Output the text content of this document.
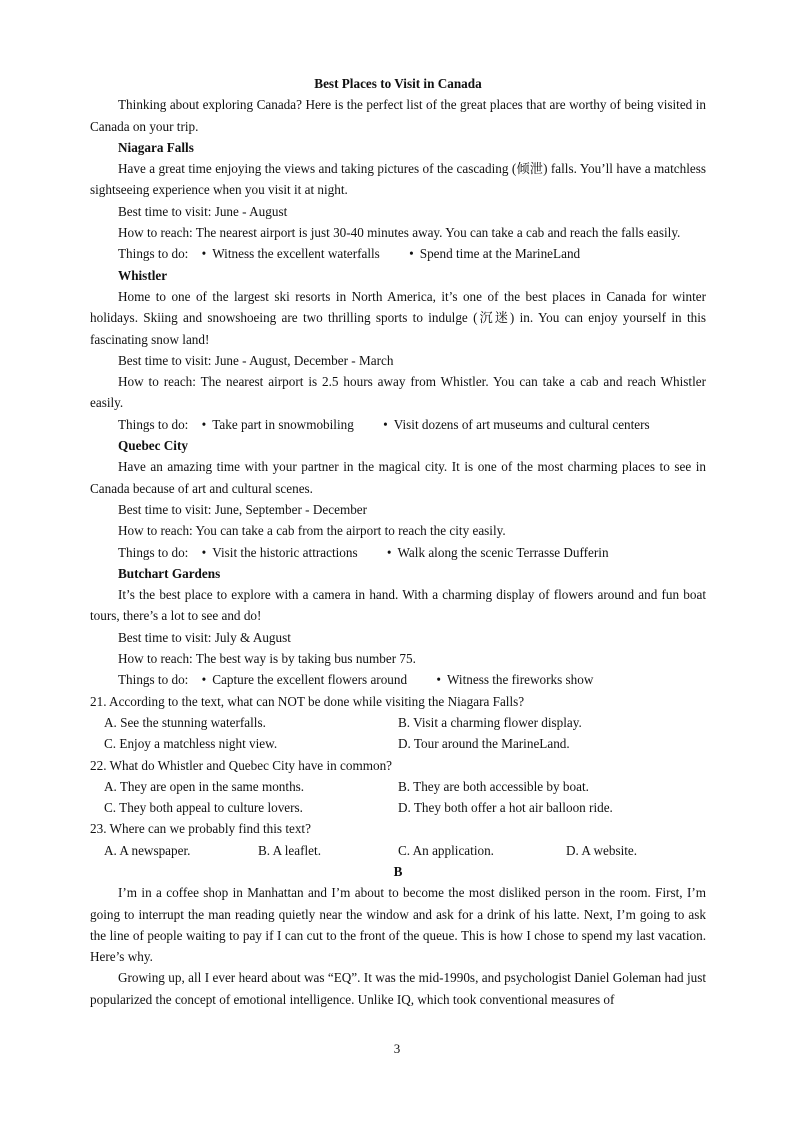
Best Places to Visit in Canada

Thinking about exploring Canada? Here is the perfect list of the great places that are worthy of being visited in Canada on your trip.

Niagara Falls

Have a great time enjoying the views and taking pictures of the cascading (倾泄) falls. You’ll have a matchless sightseeing experience when you visit it at night.

Best time to visit: June - August

How to reach: The nearest airport is just 30-40 minutes away. You can take a cab and reach the falls easily.

Things to do: • Witness the excellent waterfalls • Spend time at the MarineLand
Whistler

Home to one of the largest ski resorts in North America, it’s one of the best places in Canada for winter holidays. Skiing and snowshoeing are two thrilling sports to indulge (沉迷) in. You can enjoy yourself in this fascinating snow land!

Best time to visit: June - August, December - March

How to reach: The nearest airport is 2.5 hours away from Whistler. You can take a cab and reach Whistler easily.

Things to do: • Take part in snowmobiling • Visit dozens of art museums and cultural centers
Quebec City

Have an amazing time with your partner in the magical city. It is one of the most charming places to see in Canada because of art and cultural scenes.

Best time to visit: June, September - December

How to reach: You can take a cab from the airport to reach the city easily.

Things to do: • Visit the historic attractions • Walk along the scenic Terrasse Dufferin
Butchart Gardens

It’s the best place to explore with a camera in hand. With a charming display of flowers around and fun boat tours, there’s a lot to see and do!

Best time to visit: July & August

How to reach: The best way is by taking bus number 75.

Things to do: • Capture the excellent flowers around • Witness the fireworks show
21. According to the text, what can NOT be done while visiting the Niagara Falls?
A. See the stunning waterfalls.	B. Visit a charming flower display.
C. Enjoy a matchless night view.	D. Tour around the MarineLand.
22. What do Whistler and Quebec City have in common?
A. They are open in the same months.	B. They are both accessible by boat.
C. They both appeal to culture lovers.	D. They both offer a hot air balloon ride.
23. Where can we probably find this text?
A. A newspaper.	B. A leaflet.	C. An application.	D. A website.
B

I’m in a coffee shop in Manhattan and I’m about to become the most disliked person in the room. First, I’m going to interrupt the man reading quietly near the window and ask for a drink of his latte. Next, I’m going to ask the line of people waiting to pay if I can cut to the front of the queue. This is how I chose to spend my last vacation. Here’s why.

Growing up, all I ever heard about was “EQ”. It was the mid-1990s, and psychologist Daniel Goleman had just popularized the concept of emotional intelligence. Unlike IQ, which took conventional measures of

3
